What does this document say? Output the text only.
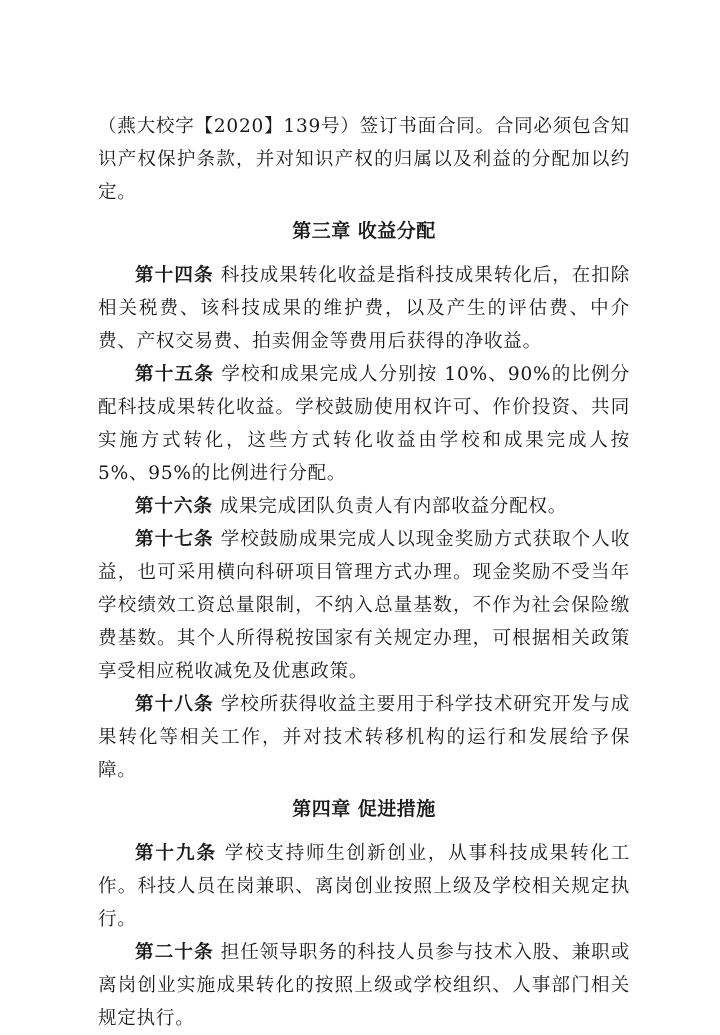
（燕大校字【2020】139号）签订书面合同。合同必须包含知识产权保护条款，并对知识产权的归属以及利益的分配加以约定。

第三章 收益分配

第十四条 科技成果转化收益是指科技成果转化后，在扣除相关税费、该科技成果的维护费，以及产生的评估费、中介费、产权交易费、拍卖佣金等费用后获得的净收益。

第十五条 学校和成果完成人分别按 10%、90%的比例分配科技成果转化收益。学校鼓励使用权许可、作价投资、共同实施方式转化，这些方式转化收益由学校和成果完成人按 5%、95%的比例进行分配。

第十六条 成果完成团队负责人有内部收益分配权。

第十七条 学校鼓励成果完成人以现金奖励方式获取个人收益，也可采用横向科研项目管理方式办理。现金奖励不受当年学校绩效工资总量限制，不纳入总量基数，不作为社会保险缴费基数。其个人所得税按国家有关规定办理，可根据相关政策享受相应税收减免及优惠政策。

第十八条 学校所获得收益主要用于科学技术研究开发与成果转化等相关工作，并对技术转移机构的运行和发展给予保障。

第四章 促进措施

第十九条 学校支持师生创新创业，从事科技成果转化工作。科技人员在岗兼职、离岗创业按照上级及学校相关规定执行。

第二十条 担任领导职务的科技人员参与技术入股、兼职或离岗创业实施成果转化的按照上级或学校组织、人事部门相关规定执行。
